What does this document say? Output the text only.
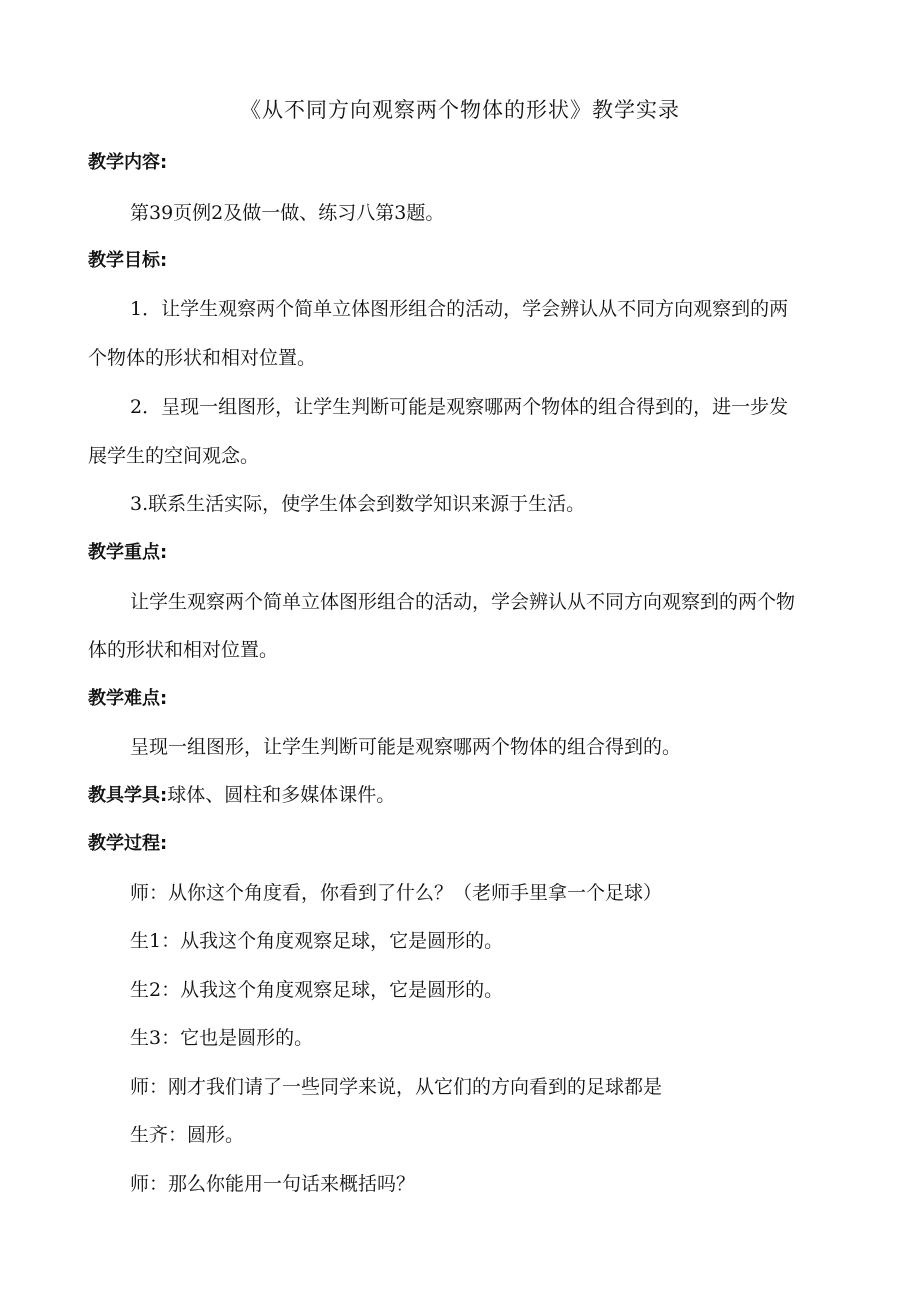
《从不同方向观察两个物体的形状》教学实录
教学内容:
第39页例2及做一做、练习八第3题。
教学目标:
1．让学生观察两个简单立体图形组合的活动，学会辨认从不同方向观察到的两
个物体的形状和相对位置。
2．呈现一组图形，让学生判断可能是观察哪两个物体的组合得到的，进一步发
展学生的空间观念。
3.联系生活实际，使学生体会到数学知识来源于生活。
教学重点:
让学生观察两个简单立体图形组合的活动，学会辨认从不同方向观察到的两个物
体的形状和相对位置。
教学难点:
呈现一组图形，让学生判断可能是观察哪两个物体的组合得到的。
教具学具:球体、圆柱和多媒体课件。
教学过程:
师：从你这个角度看，你看到了什么？（老师手里拿一个足球）
生1：从我这个角度观察足球，它是圆形的。
生2：从我这个角度观察足球，它是圆形的。
生3：它也是圆形的。
师：刚才我们请了一些同学来说，从它们的方向看到的足球都是
生齐：圆形。
师：那么你能用一句话来概括吗？
